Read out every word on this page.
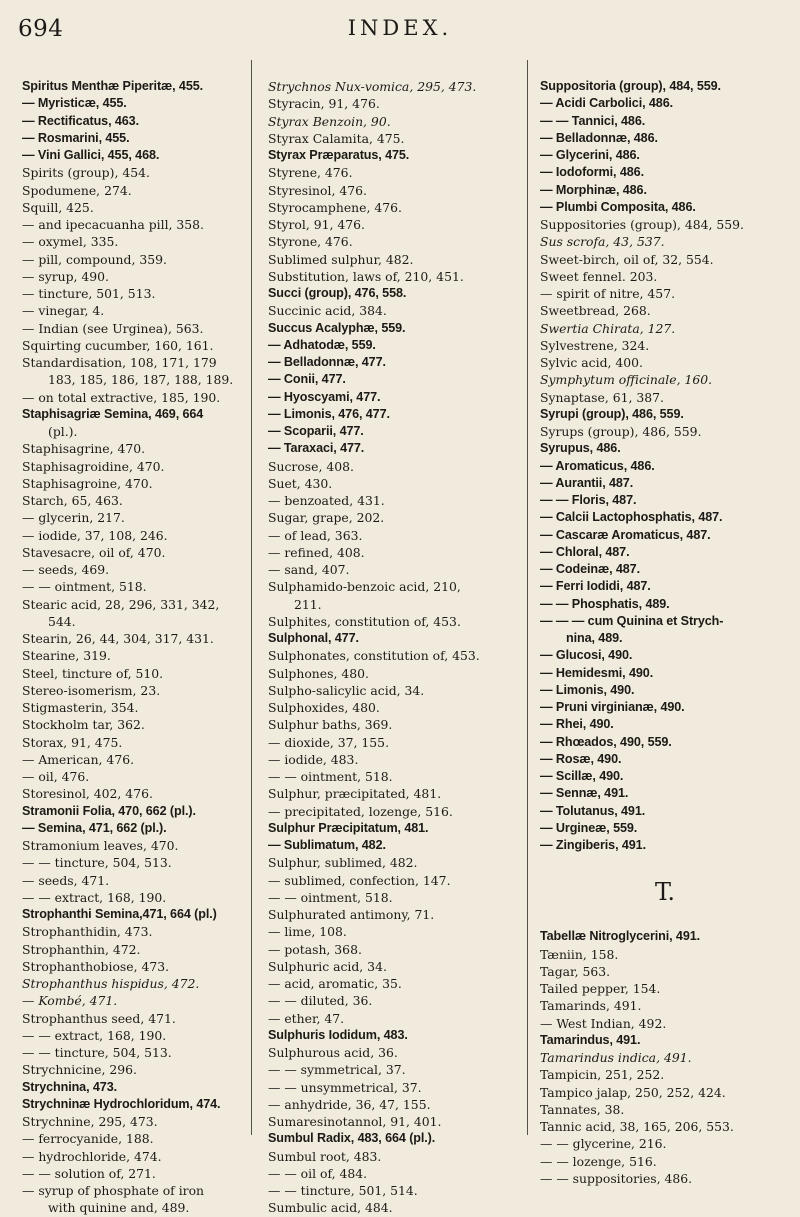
694	INDEX.
Spiritus Menthæ Piperitæ, 455.
— Myristicæ, 455.
— Rectificatus, 463.
— Rosmarini, 455.
— Vini Gallici, 455, 468.
Spirits (group), 454.
Spodumene, 274.
Squill, 425.
— and ipecacuanha pill, 358.
— oxymel, 335.
— pill, compound, 359.
— syrup, 490.
— tincture, 501, 513.
— vinegar, 4.
— Indian (see Urginea), 563.
Squirting cucumber, 160, 161.
Standardisation, 108, 171, 179
183, 185, 186, 187, 188, 189.
— on total extractive, 185, 190.
Staphisagriæ Semina, 469, 664
(pl.).
Staphisagrine, 470.
Staphisagroidine, 470.
Staphisagroine, 470.
Starch, 65, 463.
— glycerin, 217.
— iodide, 37, 108, 246.
Stavesacre, oil of, 470.
— seeds, 469.
— — ointment, 518.
Stearic acid, 28, 296, 331, 342,
544.
Stearin, 26, 44, 304, 317, 431.
Stearine, 319.
Steel, tincture of, 510.
Stereo-isomerism, 23.
Stigmasterin, 354.
Stockholm tar, 362.
Storax, 91, 475.
— American, 476.
— oil, 476.
Storesinol, 402, 476.
Stramonii Folia, 470, 662 (pl.).
— Semina, 471, 662 (pl.).
Stramonium leaves, 470.
— — tincture, 504, 513.
— seeds, 471.
— — extract, 168, 190.
Strophanthi Semina,471, 664 (pl.)
Strophanthidin, 473.
Strophanthin, 472.
Strophanthobiose, 473.
Strophanthus hispidus, 472.
— Kombé, 471.
Strophanthus seed, 471.
— — extract, 168, 190.
— — tincture, 504, 513.
Strychnicine, 296.
Strychnina, 473.
Strychninæ Hydrochloridum, 474.
Strychnine, 295, 473.
— ferrocyanide, 188.
— hydrochloride, 474.
— — solution of, 271.
— syrup of phosphate of iron
with quinine and, 489.
Strychnos Nux-vomica, 295, 473.
Styracin, 91, 476.
Styrax Benzoin, 90.
Styrax Calamita, 475.
Styrax Præparatus, 475.
Styrene, 476.
Styresinol, 476.
Styrocamphene, 476.
Styrol, 91, 476.
Styrone, 476.
Sublimed sulphur, 482.
Substitution, laws of, 210, 451.
Succi (group), 476, 558.
Succinic acid, 384.
Succus Acalyphæ, 559.
— Adhatodæ, 559.
— Belladonnæ, 477.
— Conii, 477.
— Hyoscyami, 477.
— Limonis, 476, 477.
— Scoparii, 477.
— Taraxaci, 477.
Sucrose, 408.
Suet, 430.
— benzoated, 431.
Sugar, grape, 202.
— of lead, 363.
— refined, 408.
— sand, 407.
Sulphamido-benzoic acid, 210,
211.
Sulphites, constitution of, 453.
Sulphonal, 477.
Sulphonates, constitution of, 453.
Sulphones, 480.
Sulpho-salicylic acid, 34.
Sulphoxides, 480.
Sulphur baths, 369.
— dioxide, 37, 155.
— iodide, 483.
— — ointment, 518.
Sulphur, præcipitated, 481.
— precipitated, lozenge, 516.
Sulphur Præcipitatum, 481.
— Sublimatum, 482.
Sulphur, sublimed, 482.
— sublimed, confection, 147.
— — ointment, 518.
Sulphurated antimony, 71.
— lime, 108.
— potash, 368.
Sulphuric acid, 34.
— acid, aromatic, 35.
— — diluted, 36.
— ether, 47.
Sulphuris Iodidum, 483.
Sulphurous acid, 36.
— — symmetrical, 37.
— — unsymmetrical, 37.
— anhydride, 36, 47, 155.
Sumaresinotannol, 91, 401.
Sumbul Radix, 483, 664 (pl.).
Sumbul root, 483.
— — oil of, 484.
— — tincture, 501, 514.
Sumbulic acid, 484.
Suppositoria (group), 484, 559.
— Acidi Carbolici, 486.
— — Tannici, 486.
— Belladonnæ, 486.
— Glycerini, 486.
— Iodoformi, 486.
— Morphinæ, 486.
— Plumbi Composita, 486.
Suppositories (group), 484, 559.
Sus scrofa, 43, 537.
Sweet-birch, oil of, 32, 554.
Sweet fennel. 203.
— spirit of nitre, 457.
Sweetbread, 268.
Swertia Chirata, 127.
Sylvestrene, 324.
Sylvic acid, 400.
Symphytum officinale, 160.
Synaptase, 61, 387.
Syrupi (group), 486, 559.
Syrups (group), 486, 559.
Syrupus, 486.
— Aromaticus, 486.
— Aurantii, 487.
— — Floris, 487.
— Calcii Lactophosphatis, 487.
— Cascaræ Aromaticus, 487.
— Chloral, 487.
— Codeinæ, 487.
— Ferri Iodidi, 487.
— — Phosphatis, 489.
— — — cum Quinina et Strych-
nina, 489.
— Glucosi, 490.
— Hemidesmi, 490.
— Limonis, 490.
— Pruni virginianæ, 490.
— Rhei, 490.
— Rhœados, 490, 559.
— Rosæ, 490.
— Scillæ, 490.
— Sennæ, 491.
— Tolutanus, 491.
— Urgineæ, 559.
— Zingiberis, 491.
T.
Tabellæ Nitroglycerini, 491.
Tæniin, 158.
Tagar, 563.
Tailed pepper, 154.
Tamarinds, 491.
— West Indian, 492.
Tamarindus, 491.
Tamarindus indica, 491.
Tampicin, 251, 252.
Tampico jalap, 250, 252, 424.
Tannates, 38.
Tannic acid, 38, 165, 206, 553.
— — glycerine, 216.
— — lozenge, 516.
— — suppositories, 486.
